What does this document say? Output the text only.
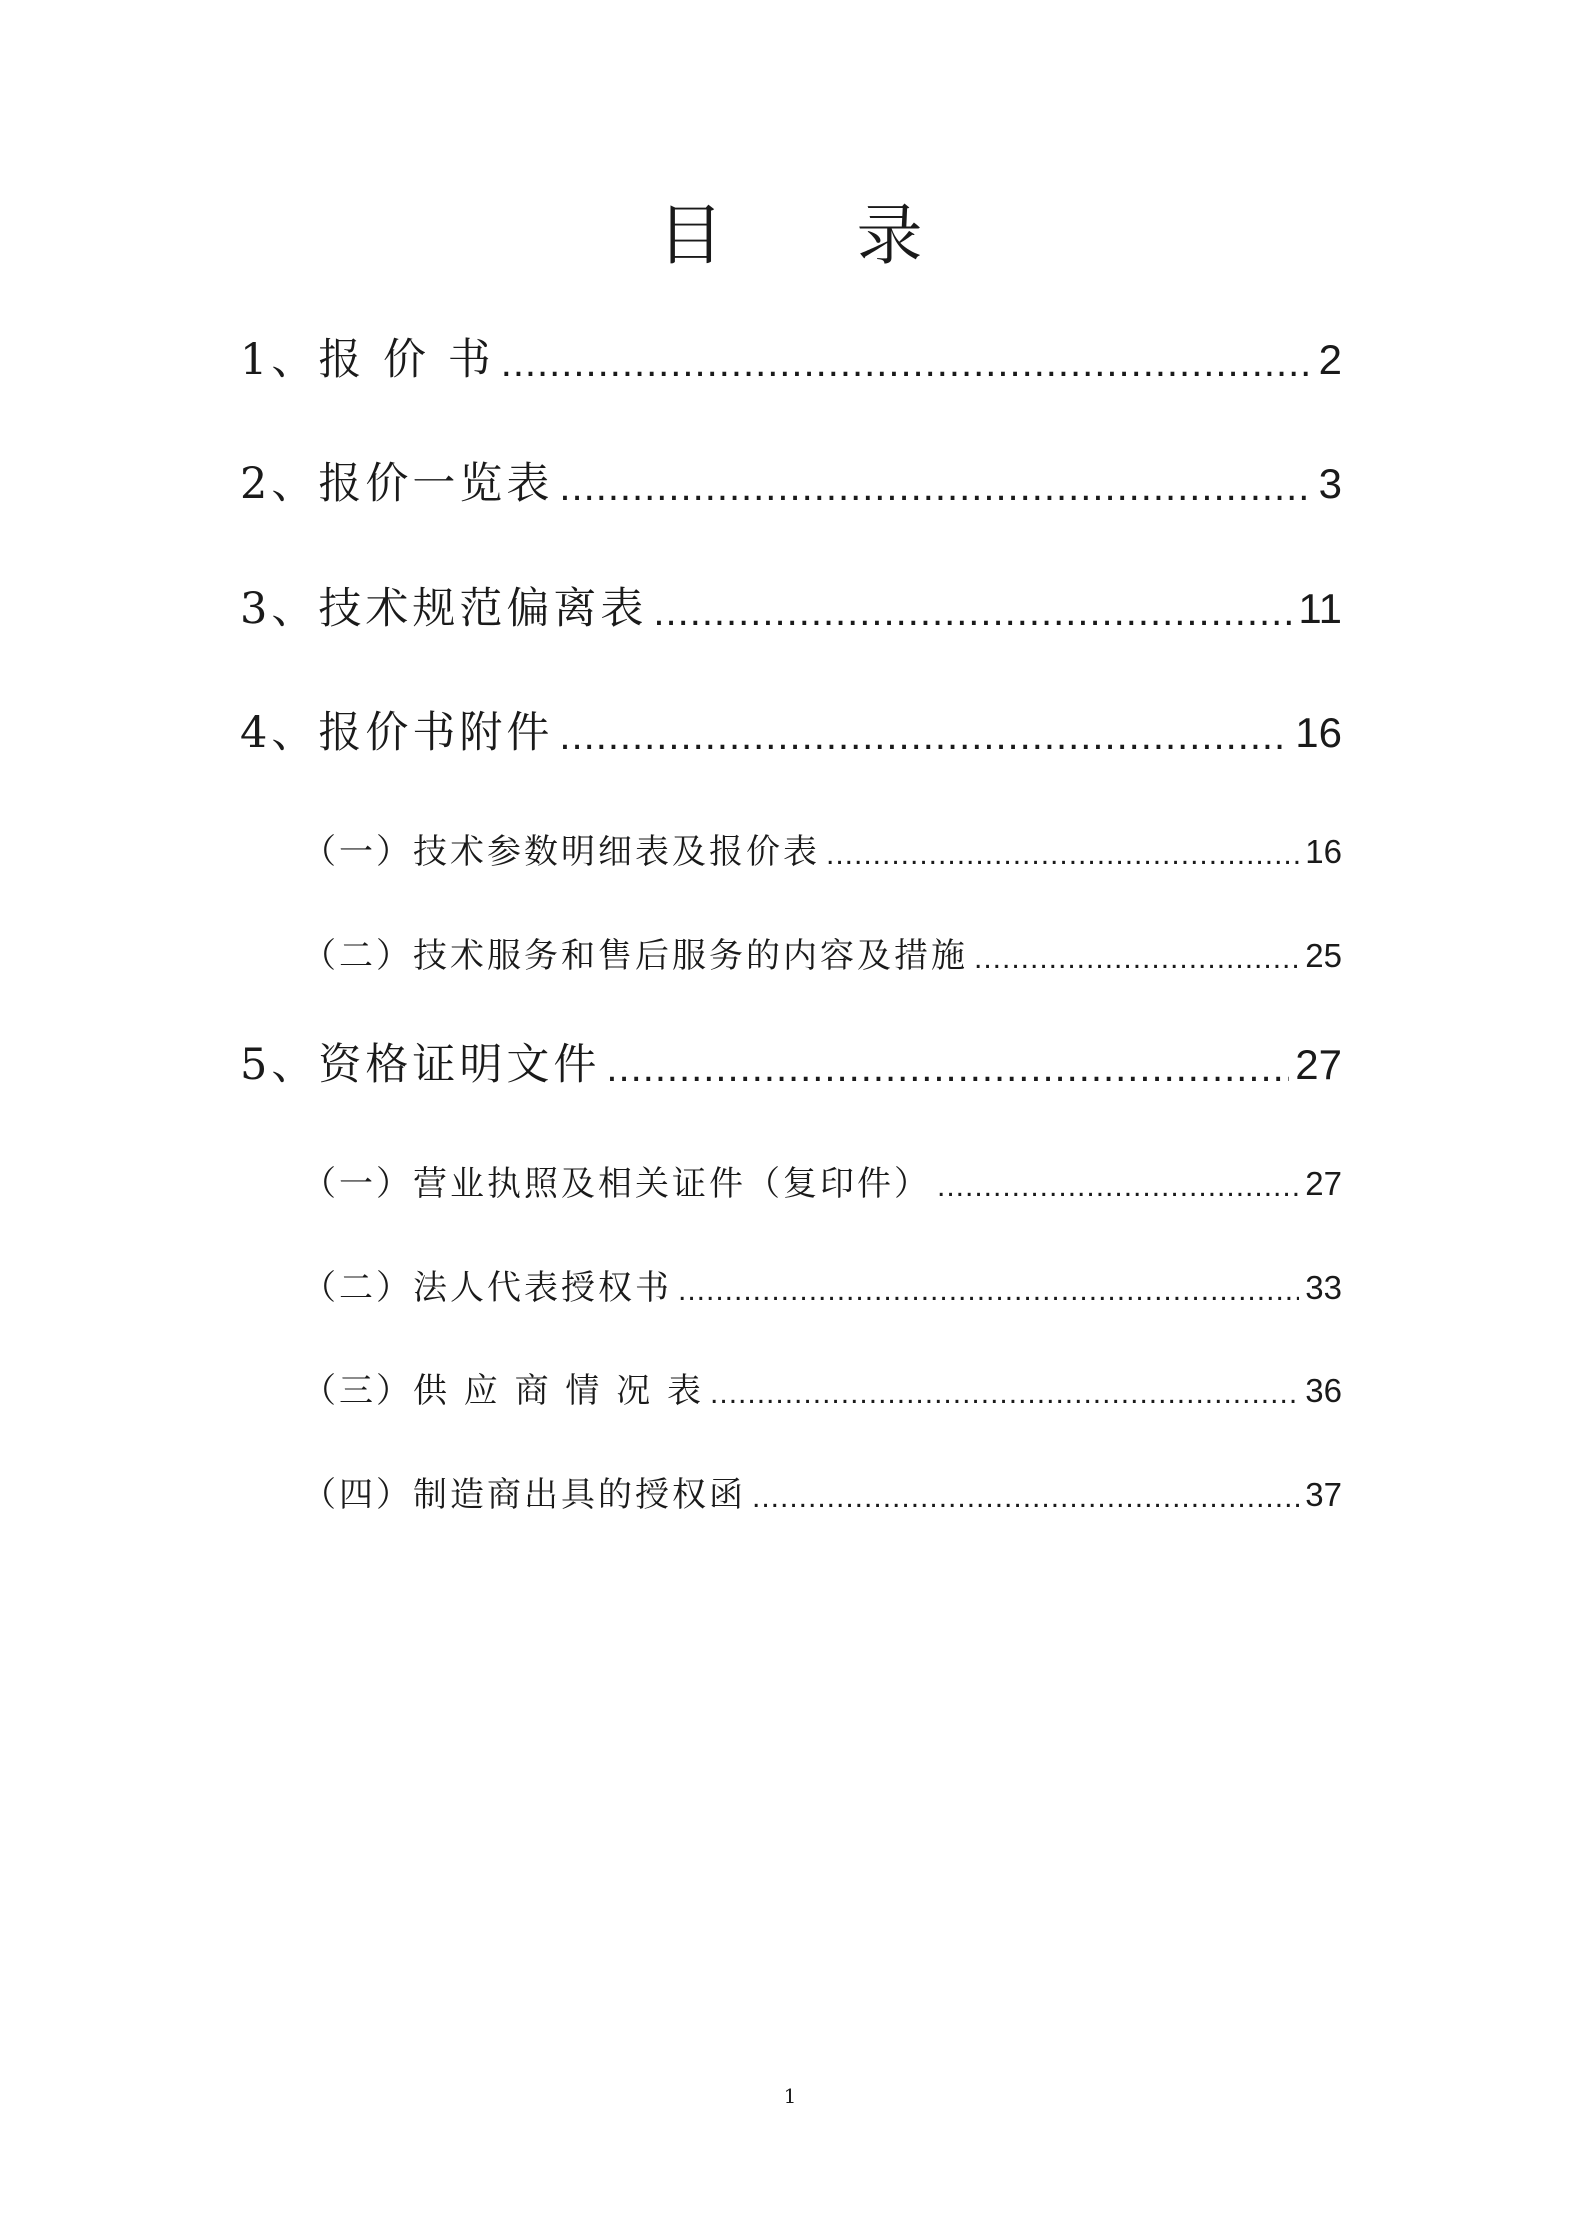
目 录
1、报 价 书 .....	2
2、报价一览表 .....	3
3、技术规范偏离表 .....	11
4、报价书附件 .....	16
（一）技术参数明细表及报价表 .....	16
（二）技术服务和售后服务的内容及措施 .....	25
5、资格证明文件 .....	27
（一）营业执照及相关证件（复印件） .....	27
（二）法人代表授权书 .....	33
（三）供 应 商 情 况 表 .....	36
（四）制造商出具的授权函 .....	37
1
